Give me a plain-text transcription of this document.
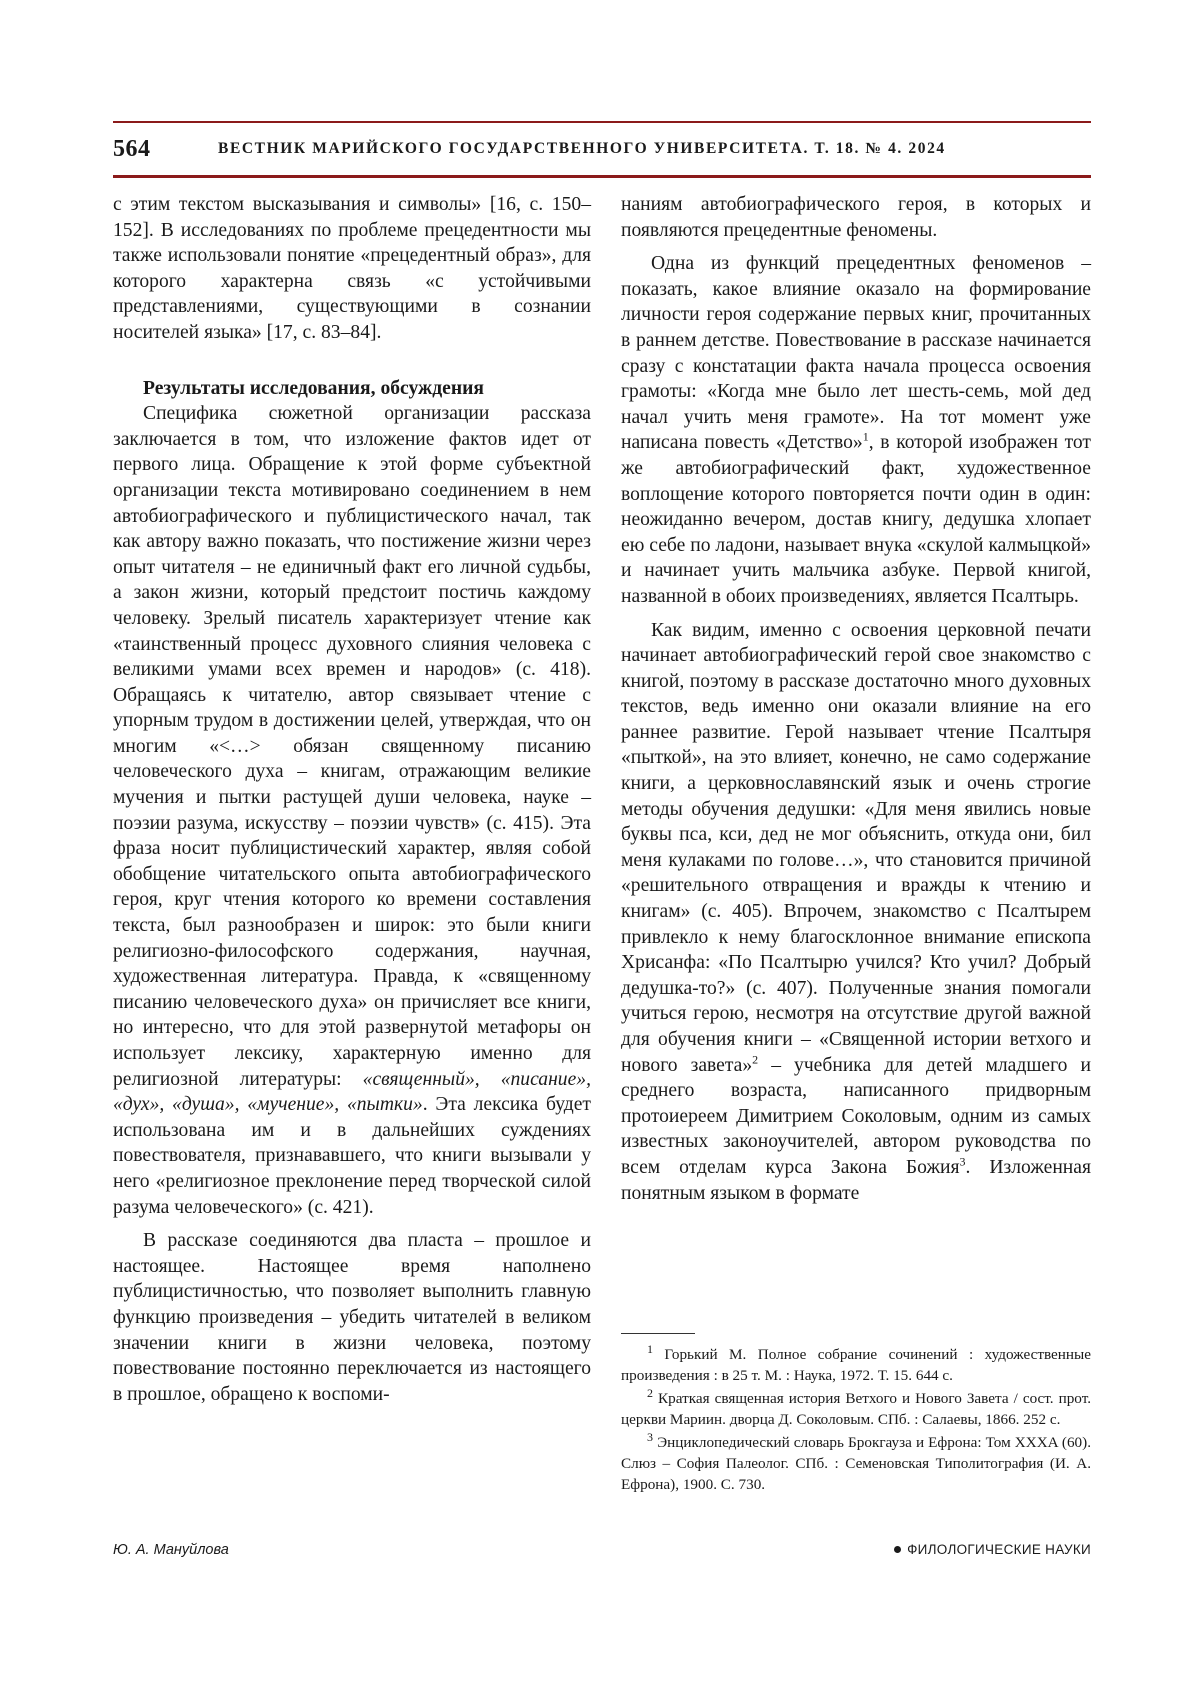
564	ВЕСТНИК МАРИЙСКОГО ГОСУДАРСТВЕННОГО УНИВЕРСИТЕТА. Т. 18. № 4. 2024

с этим текстом высказывания и символы» [16, с. 150–152]. В исследованиях по проблеме прецедентности мы также использовали понятие «прецедентный образ», для которого характерна связь «с устойчивыми представлениями, существующими в сознании носителей языка» [17, с. 83–84].

Результаты исследования, обсуждения

Специфика сюжетной организации рассказа заключается в том, что изложение фактов идет от первого лица. Обращение к этой форме субъектной организации текста мотивировано соединением в нем автобиографического и публицистического начал, так как автору важно показать, что постижение жизни через опыт читателя – не единичный факт его личной судьбы, а закон жизни, который предстоит постичь каждому человеку. Зрелый писатель характеризует чтение как «таинственный процесс духовного слияния человека с великими умами всех времен и народов» (с. 418). Обращаясь к читателю, автор связывает чтение с упорным трудом в достижении целей, утверждая, что он многим «<…> обязан священному писанию человеческого духа – книгам, отражающим великие мучения и пытки растущей души человека, науке – поэзии разума, искусству – поэзии чувств» (с. 415). Эта фраза носит публицистический характер, являя собой обобщение читательского опыта автобиографического героя, круг чтения которого ко времени составления текста, был разнообразен и широк: это были книги религиозно-философского содержания, научная, художественная литература. Правда, к «священному писанию человеческого духа» он причисляет все книги, но интересно, что для этой развернутой метафоры он использует лексику, характерную именно для религиозной литературы: «священный», «писание», «дух», «душа», «мучение», «пытки». Эта лексика будет использована им и в дальнейших суждениях повествователя, признававшего, что книги вызывали у него «религиозное преклонение перед творческой силой разума человеческого» (с. 421).

В рассказе соединяются два пласта – прошлое и настоящее. Настоящее время наполнено публицистичностью, что позволяет выполнить главную функцию произведения – убедить читателей в великом значении книги в жизни человека, поэтому повествование постоянно переключается из настоящего в прошлое, обращено к воспоми-

наниям автобиографического героя, в которых и появляются прецедентные феномены.

Одна из функций прецедентных феноменов – показать, какое влияние оказало на формирование личности героя содержание первых книг, прочитанных в раннем детстве. Повествование в рассказе начинается сразу с констатации факта начала процесса освоения грамоты: «Когда мне было лет шесть-семь, мой дед начал учить меня грамоте». На тот момент уже написана повесть «Детство»$^1$, в которой изображен тот же автобиографический факт, художественное воплощение которого повторяется почти один в один: неожиданно вечером, достав книгу, дедушка хлопает ею себе по ладони, называет внука «скулой калмыцкой» и начинает учить мальчика азбуке. Первой книгой, названной в обоих произведениях, является Псалтырь.

Как видим, именно с освоения церковной печати начинает автобиографический герой свое знакомство с книгой, поэтому в рассказе достаточно много духовных текстов, ведь именно они оказали влияние на его раннее развитие. Герой называет чтение Псалтыря «пыткой», на это влияет, конечно, не само содержание книги, а церковнославянский язык и очень строгие методы обучения дедушки: «Для меня явились новые буквы пса, кси, дед не мог объяснить, откуда они, бил меня кулаками по голове…», что становится причиной «решительного отвращения и вражды к чтению и книгам» (с. 405). Впрочем, знакомство с Псалтырем привлекло к нему благосклонное внимание епископа Хрисанфа: «По Псалтырю учился? Кто учил? Добрый дедушка-то?» (с. 407). Полученные знания помогали учиться герою, несмотря на отсутствие другой важной для обучения книги – «Священной истории ветхого и нового завета»$^2$ – учебника для детей младшего и среднего возраста, написанного придворным протоиереем Димитрием Соколовым, одним из самых известных законоучителей, автором руководства по всем отделам курса Закона Божия$^3$. Изложенная понятным языком в формате

$^1$ Горький М. Полное собрание сочинений : художественные произведения : в 25 т. М. : Наука, 1972. Т. 15. 644 с.

$^2$ Краткая священная история Ветхого и Нового Завета / сост. прот. церкви Мариин. дворца Д. Соколовым. СПб. : Салаевы, 1866. 252 с.

$^3$ Энциклопедический словарь Брокгауза и Ефрона: Том XXXA (60). Слюз – София Палеолог. СПб. : Семеновская Типолитография (И. А. Ефрона), 1900. С. 730.

Ю. А. Мануйлова	ФИЛОЛОГИЧЕСКИЕ НАУКИ
